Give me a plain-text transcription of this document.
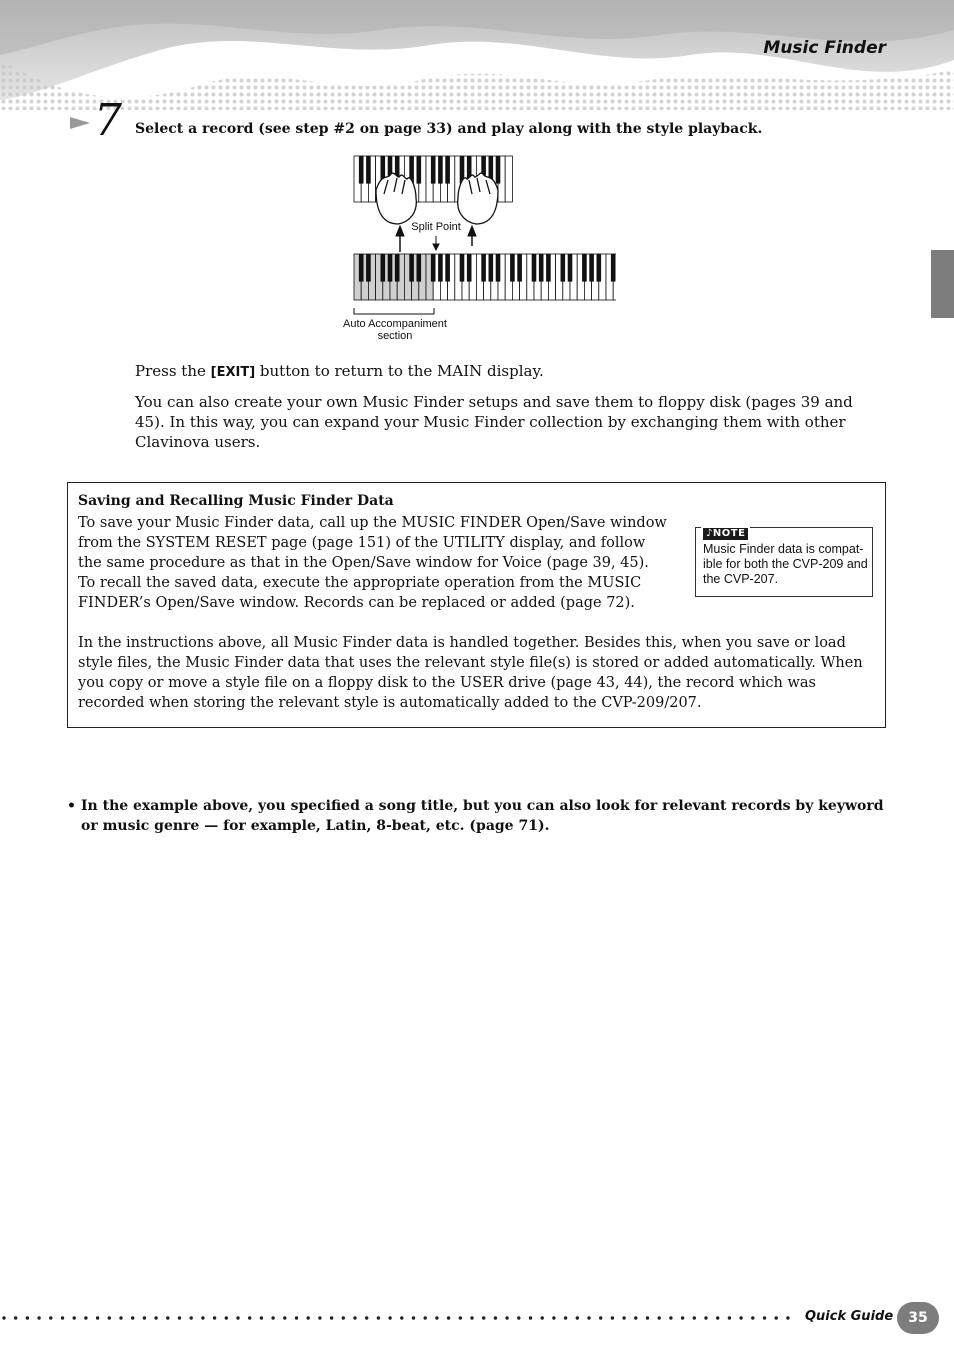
Music Finder
7 Select a record (see step #2 on page 33) and play along with the style playback.
Split Point
Auto Accompaniment
section
Press the [EXIT] button to return to the MAIN display.
You can also create your own Music Finder setups and save them to floppy disk (pages 39 and 45). In this way, you can expand your Music Finder collection by exchanging them with other Clavinova users.
Saving and Recalling Music Finder Data
To save your Music Finder data, call up the MUSIC FINDER Open/Save window from the SYSTEM RESET page (page 151) of the UTILITY display, and follow the same procedure as that in the Open/Save window for Voice (page 39, 45). To recall the saved data, execute the appropriate operation from the MUSIC FINDER’s Open/Save window. Records can be replaced or added (page 72).
♪NOTE
Music Finder data is compat-ible for both the CVP-209 and the CVP-207.
In the instructions above, all Music Finder data is handled together. Besides this, when you save or load style files, the Music Finder data that uses the relevant style file(s) is stored or added automatically. When you copy or move a style file on a floppy disk to the USER drive (page 43, 44), the record which was recorded when storing the relevant style is automatically added to the CVP-209/207.
• In the example above, you specified a song title, but you can also look for relevant records by keyword or music genre — for example, Latin, 8-beat, etc. (page 71).
Quick Guide	35
